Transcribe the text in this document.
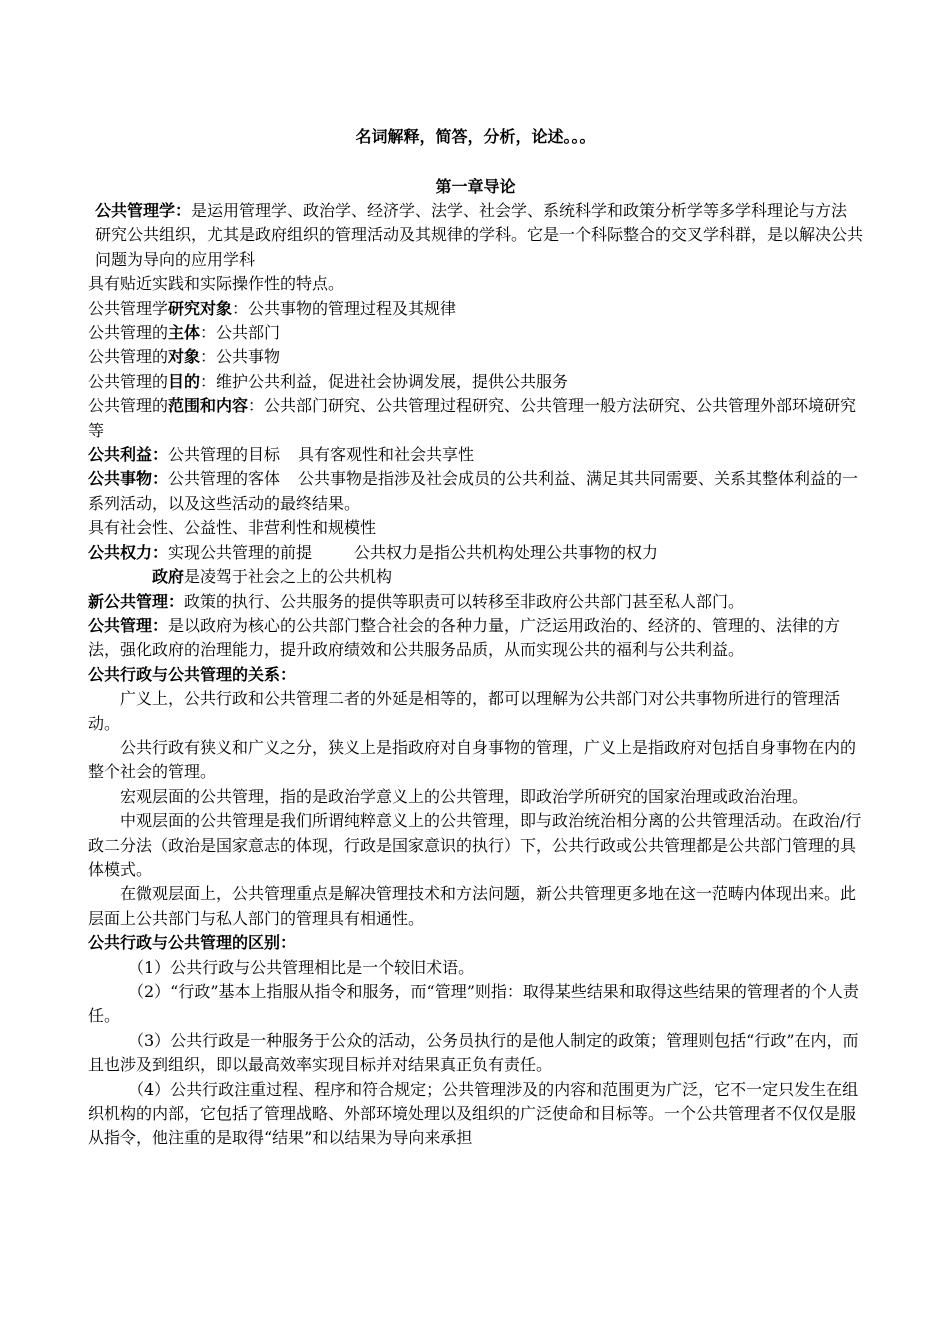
名词解释，简答，分析，论述。。。
第一章导论

公共管理学：是运用管理学、政治学、经济学、法学、社会学、系统科学和政策分析学等多学科理论与方法研究公共组织，尤其是政府组织的管理活动及其规律的学科。它是一个科际整合的交叉学科群，是以解决公共问题为导向的应用学科

具有贴近实践和实际操作性的特点。

公共管理学研究对象：公共事物的管理过程及其规律

公共管理的主体：公共部门

公共管理的对象：公共事物

公共管理的目的：维护公共利益，促进社会协调发展，提供公共服务

公共管理的范围和内容：公共部门研究、公共管理过程研究、公共管理一般方法研究、公共管理外部环境研究等

公共利益：公共管理的目标 具有客观性和社会共享性

公共事物：公共管理的客体 公共事物是指涉及社会成员的公共利益、满足其共同需要、关系其整体利益的一系列活动，以及这些活动的最终结果。

具有社会性、公益性、非营利性和规模性

公共权力：实现公共管理的前提	公共权力是指公共机构处理公共事物的权力

政府是凌驾于社会之上的公共机构

新公共管理：政策的执行、公共服务的提供等职责可以转移至非政府公共部门甚至私人部门。

公共管理：是以政府为核心的公共部门整合社会的各种力量，广泛运用政治的、经济的、管理的、法律的方法，强化政府的治理能力，提升政府绩效和公共服务品质，从而实现公共的福利与公共利益。

公共行政与公共管理的关系：

广义上，公共行政和公共管理二者的外延是相等的，都可以理解为公共部门对公共事物所进行的管理活动。

公共行政有狭义和广义之分，狭义上是指政府对自身事物的管理，广义上是指政府对包括自身事物在内的整个社会的管理。

宏观层面的公共管理，指的是政治学意义上的公共管理，即政治学所研究的国家治理或政治治理。

中观层面的公共管理是我们所谓纯粹意义上的公共管理，即与政治统治相分离的公共管理活动。在政治/行政二分法（政治是国家意志的体现，行政是国家意识的执行）下，公共行政或公共管理都是公共部门管理的具体模式。

在微观层面上，公共管理重点是解决管理技术和方法问题，新公共管理更多地在这一范畴内体现出来。此层面上公共部门与私人部门的管理具有相通性。

公共行政与公共管理的区别：

（1）公共行政与公共管理相比是一个较旧术语。

（2）“行政”基本上指服从指令和服务，而“管理”则指：取得某些结果和取得这些结果的管理者的个人责任。

（3）公共行政是一种服务于公众的活动，公务员执行的是他人制定的政策；管理则包括“行政”在内，而且也涉及到组织，即以最高效率实现目标并对结果真正负有责任。

（4）公共行政注重过程、程序和符合规定；公共管理涉及的内容和范围更为广泛，它不一定只发生在组织机构的内部，它包括了管理战略、外部环境处理以及组织的广泛使命和目标等。一个公共管理者不仅仅是服从指令，他注重的是取得“结果”和以结果为导向来承担
